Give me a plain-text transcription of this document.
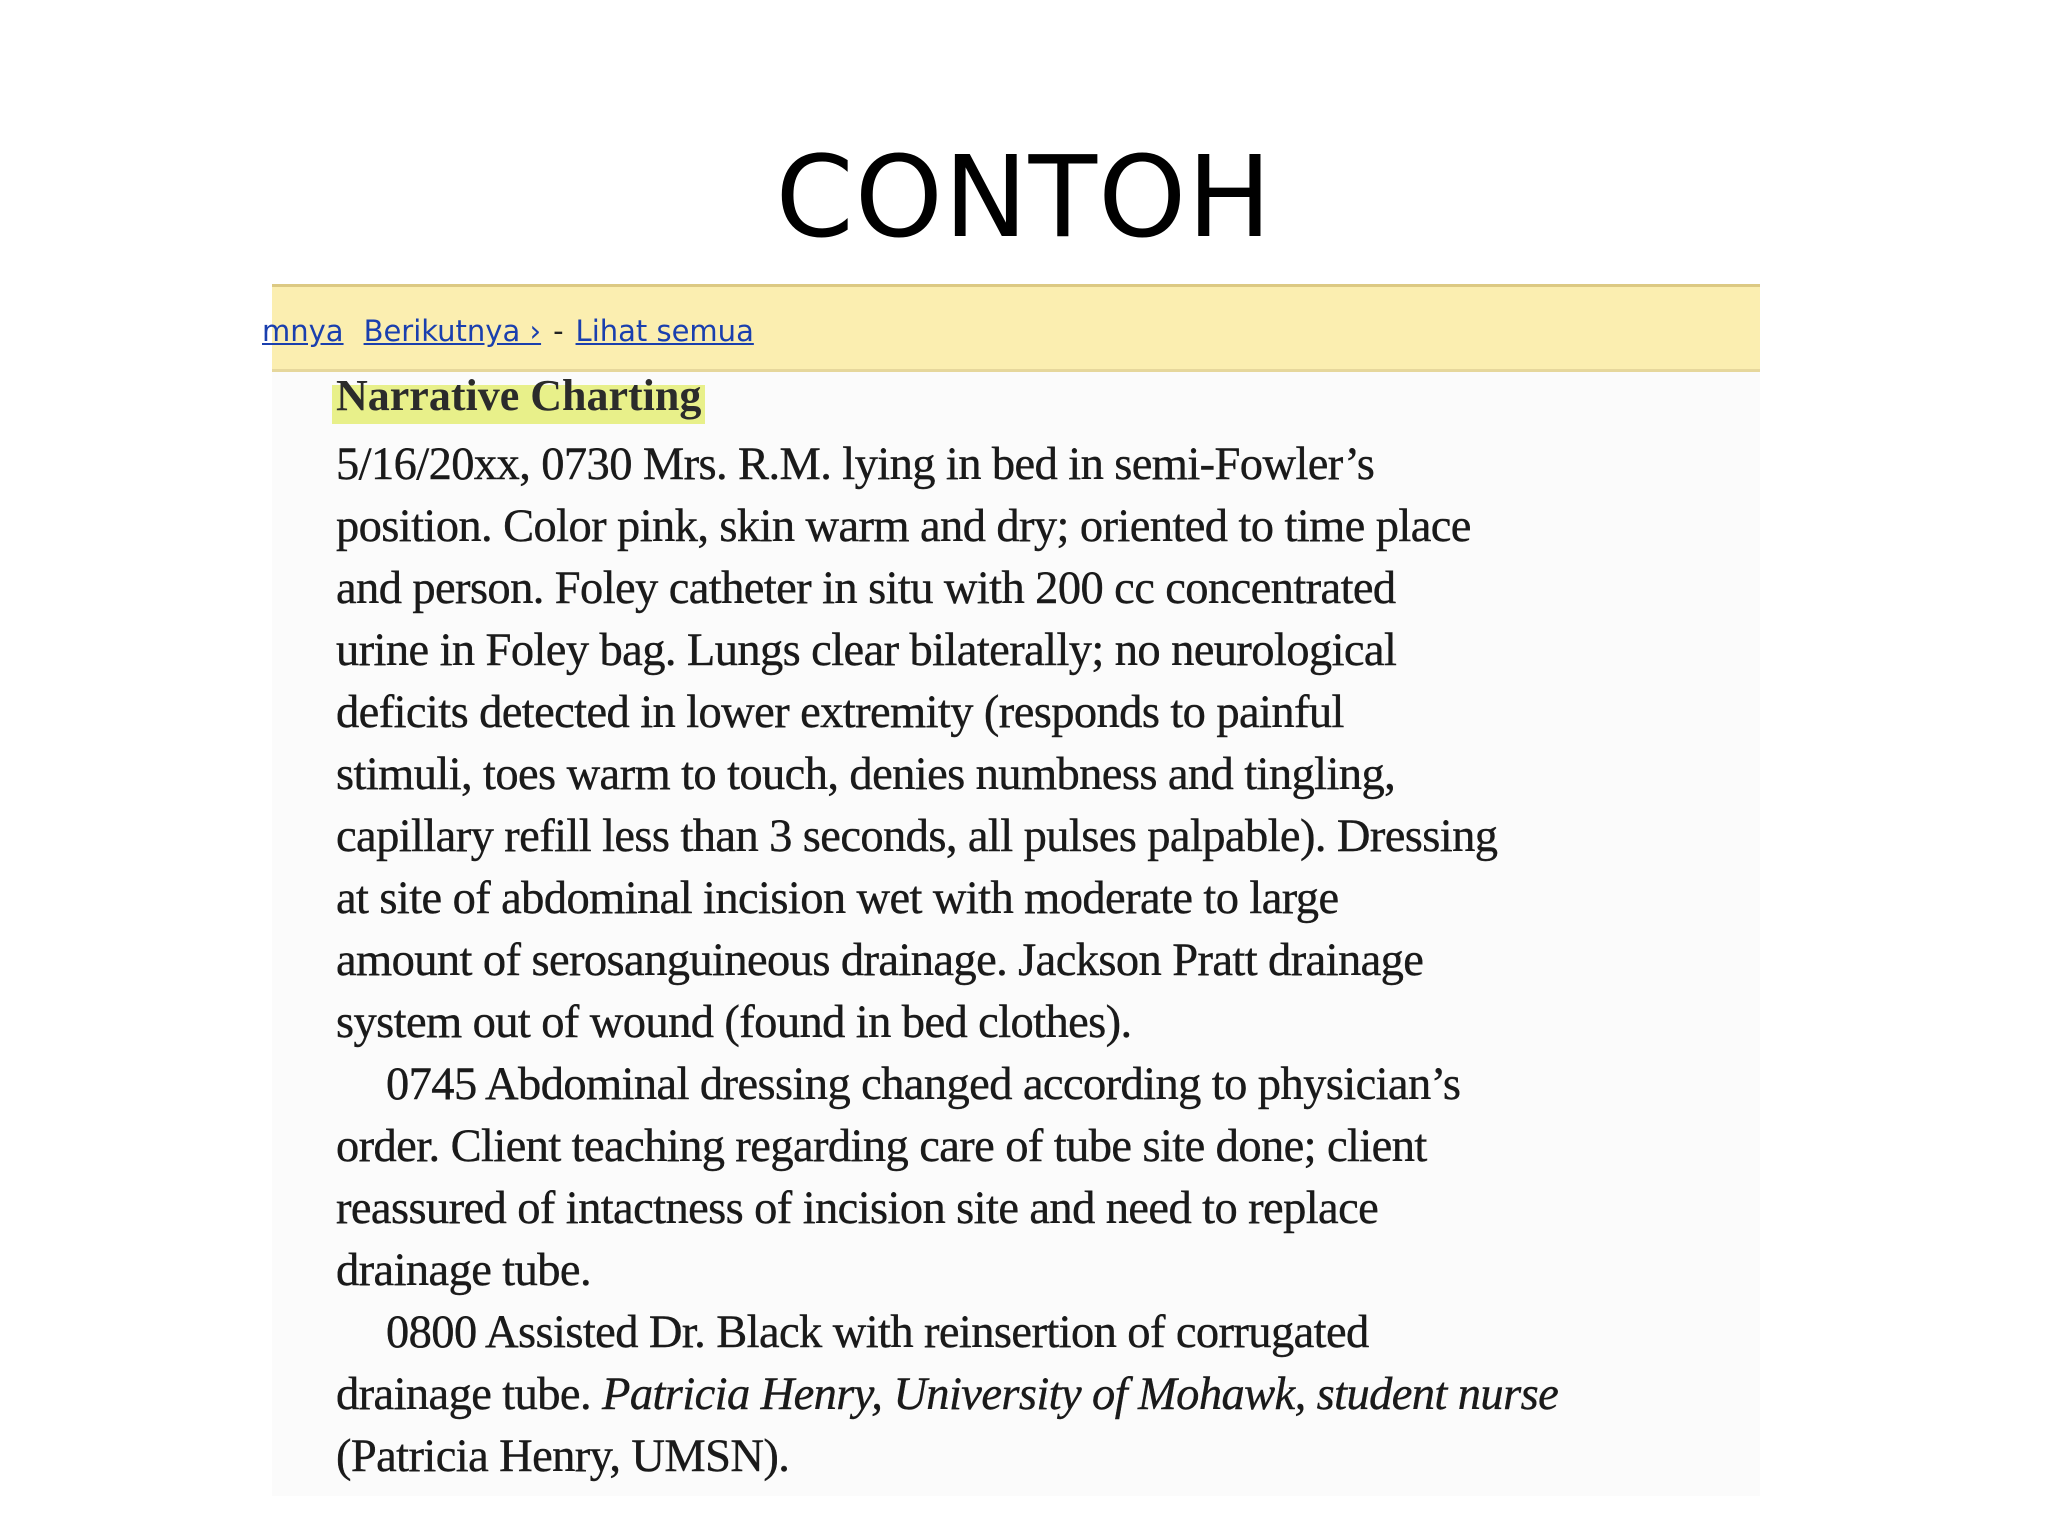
CONTOH
mnya Berikutnya › - Lihat semua
Narrative Charting
5/16/20xx, 0730 Mrs. R.M. lying in bed in semi-Fowler’s
position. Color pink, skin warm and dry; oriented to time place
and person. Foley catheter in situ with 200 cc concentrated
urine in Foley bag. Lungs clear bilaterally; no neurological
deficits detected in lower extremity (responds to painful
stimuli, toes warm to touch, denies numbness and tingling,
capillary refill less than 3 seconds, all pulses palpable). Dressing
at site of abdominal incision wet with moderate to large
amount of serosanguineous drainage. Jackson Pratt drainage
system out of wound (found in bed clothes).
0745 Abdominal dressing changed according to physician’s
order. Client teaching regarding care of tube site done; client
reassured of intactness of incision site and need to replace
drainage tube.
0800 Assisted Dr. Black with reinsertion of corrugated
drainage tube. Patricia Henry, University of Mohawk, student nurse
(Patricia Henry, UMSN).
